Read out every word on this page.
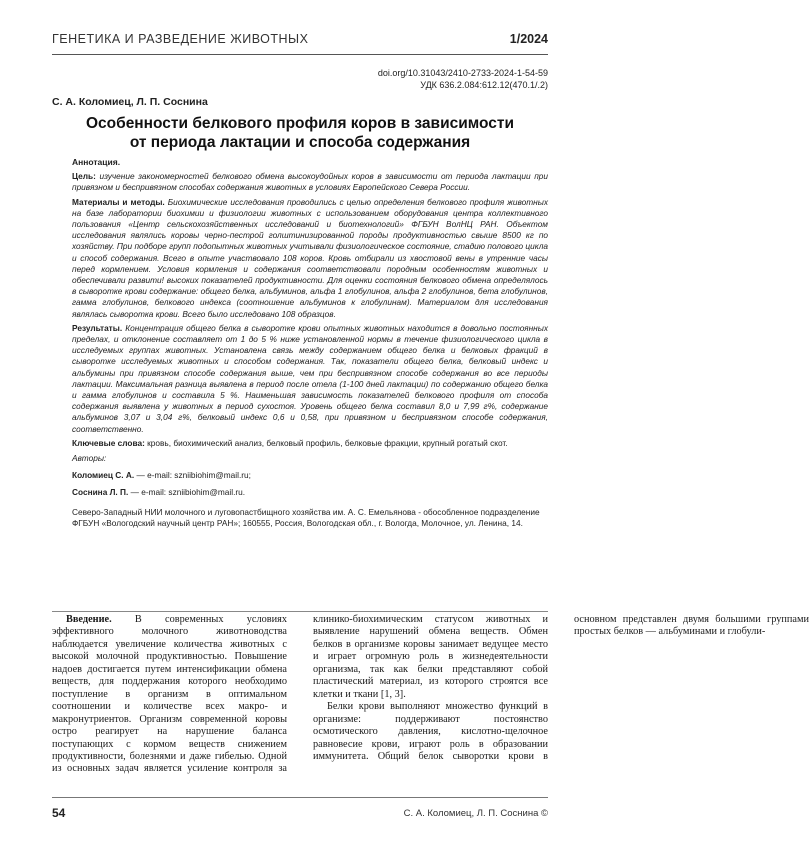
ГЕНЕТИКА И РАЗВЕДЕНИЕ ЖИВОТНЫХ	1/2024
doi.org/10.31043/2410-2733-2024-1-54-59
УДК 636.2.084:612.12(470.1/.2)
С. А. Коломиец, Л. П. Соснина
Особенности белкового профиля коров в зависимости
от периода лактации и способа содержания

Аннотация.

Цель: изучение закономерностей белкового обмена высокоудойных коров в зависимости от периода лактации при привязном и беспривязном способах содержания животных в условиях Европейского Севера России.

Материалы и методы. Биохимические исследования проводились с целью определения белкового профиля животных на базе лаборатории биохимии и физиологии животных с использованием оборудования центра коллективного пользования «Центр сельскохозяйственных исследований и биотехнологий» ФГБУН ВолНЦ РАН. Объектом исследования являлись коровы черно-пестрой голштинизированной породы продуктивностью свыше 8500 кг по хозяйству. При подборе групп подопытных животных учитывали физиологическое состояние, стадию полового цикла и способ содержания. Всего в опыте участвовало 108 коров. Кровь отбирали из хвостовой вены в утренние часы перед кормлением. Условия кормления и содержания соответствовали породным особенностям животных и обеспечивали развити! высоких показателей продуктивности. Для оценки состояния белкового обмена определялось в сыворотке крови содержание: общего белка, альбуминов, альфа 1 глобулинов, альфа 2 глобулинов, бета глобулинов, гамма глобулинов, белкового индекса (соотношение альбуминов к глобулинам). Материалом для исследования являлась сыворотка крови. Всего было исследовано 108 образцов.

Результаты. Концентрация общего белка в сыворотке крови опытных животных находится в довольно постоянных пределах, и отклонение составляет от 1 до 5 % ниже установленной нормы в течение физиологического цикла в исследуемых группах животных. Установлена связь между содержанием общего белка и белковых фракций в сыворотке исследуемых животных и способом содержания. Так, показатели общего белка, белковый индекс и альбумины при привязном способе содержания выше, чем при беспривязном способе содержания во все периоды лактации. Максимальная разница выявлена в период после отела (1-100 дней лактации) по содержанию общего белка и гамма глобулинов и составила 5 %. Наименьшая зависимость показателей белкового профиля от способа содержания выявлена у животных в период сухостоя. Уровень общего белка составил 8,0 и 7,99 г%, содержание альбуминов 3,07 и 3,04 г%, белковый индекс 0,6 и 0,58, при привязном и беспривязном способе содержания, соответственно.

Ключевые слова: кровь, биохимический анализ, белковый профиль, белковые фракции, крупный рогатый скот.

Авторы:

Коломиец С. А. — e-mail: szniibiohim@mail.ru;

Соснина Л. П. — e-mail: szniibiohim@mail.ru.

Северо-Западный НИИ молочного и луговопастбищного хозяйства им. А. С. Емельянова - обособленное подразделение ФГБУН «Вологодский научный центр РАН»; 160555, Россия, Вологодская обл., г. Вологда, Молочное, ул. Ленина, 14.

Введение. В современных условиях эффективного молочного животноводства наблюдается увеличение количества животных с высокой молочной продуктивностью. Повышение надоев достигается путем интенсификации обмена веществ, для поддержания которого необходимо поступление в организм в оптимальном соотношении и количестве всех макро- и макронутриентов. Организм современной коровы остро реагирует на нарушение баланса поступающих с кормом веществ снижением продуктивности, болезнями и даже гибелью. Одной из основных задач является усиление контроля за клинико-биохимическим статусом животных и выявление нарушений обмена веществ. Обмен белков в организме коровы занимает ведущее место и играет огромную роль в жизнедеятельности организма, так как белки представляют собой пластический материал, из которого строятся все клетки и ткани [1, 3].

Белки крови выполняют множество функций в организме: поддерживают постоянство осмотического давления, кислотно-щелочное равновесие крови, играют роль в образовании иммунитета. Общий белок сыворотки крови в основном представлен двумя большими группами простых белков — альбуминами и глобули-

54	С. А. Коломиец, Л. П. Соснина ©
